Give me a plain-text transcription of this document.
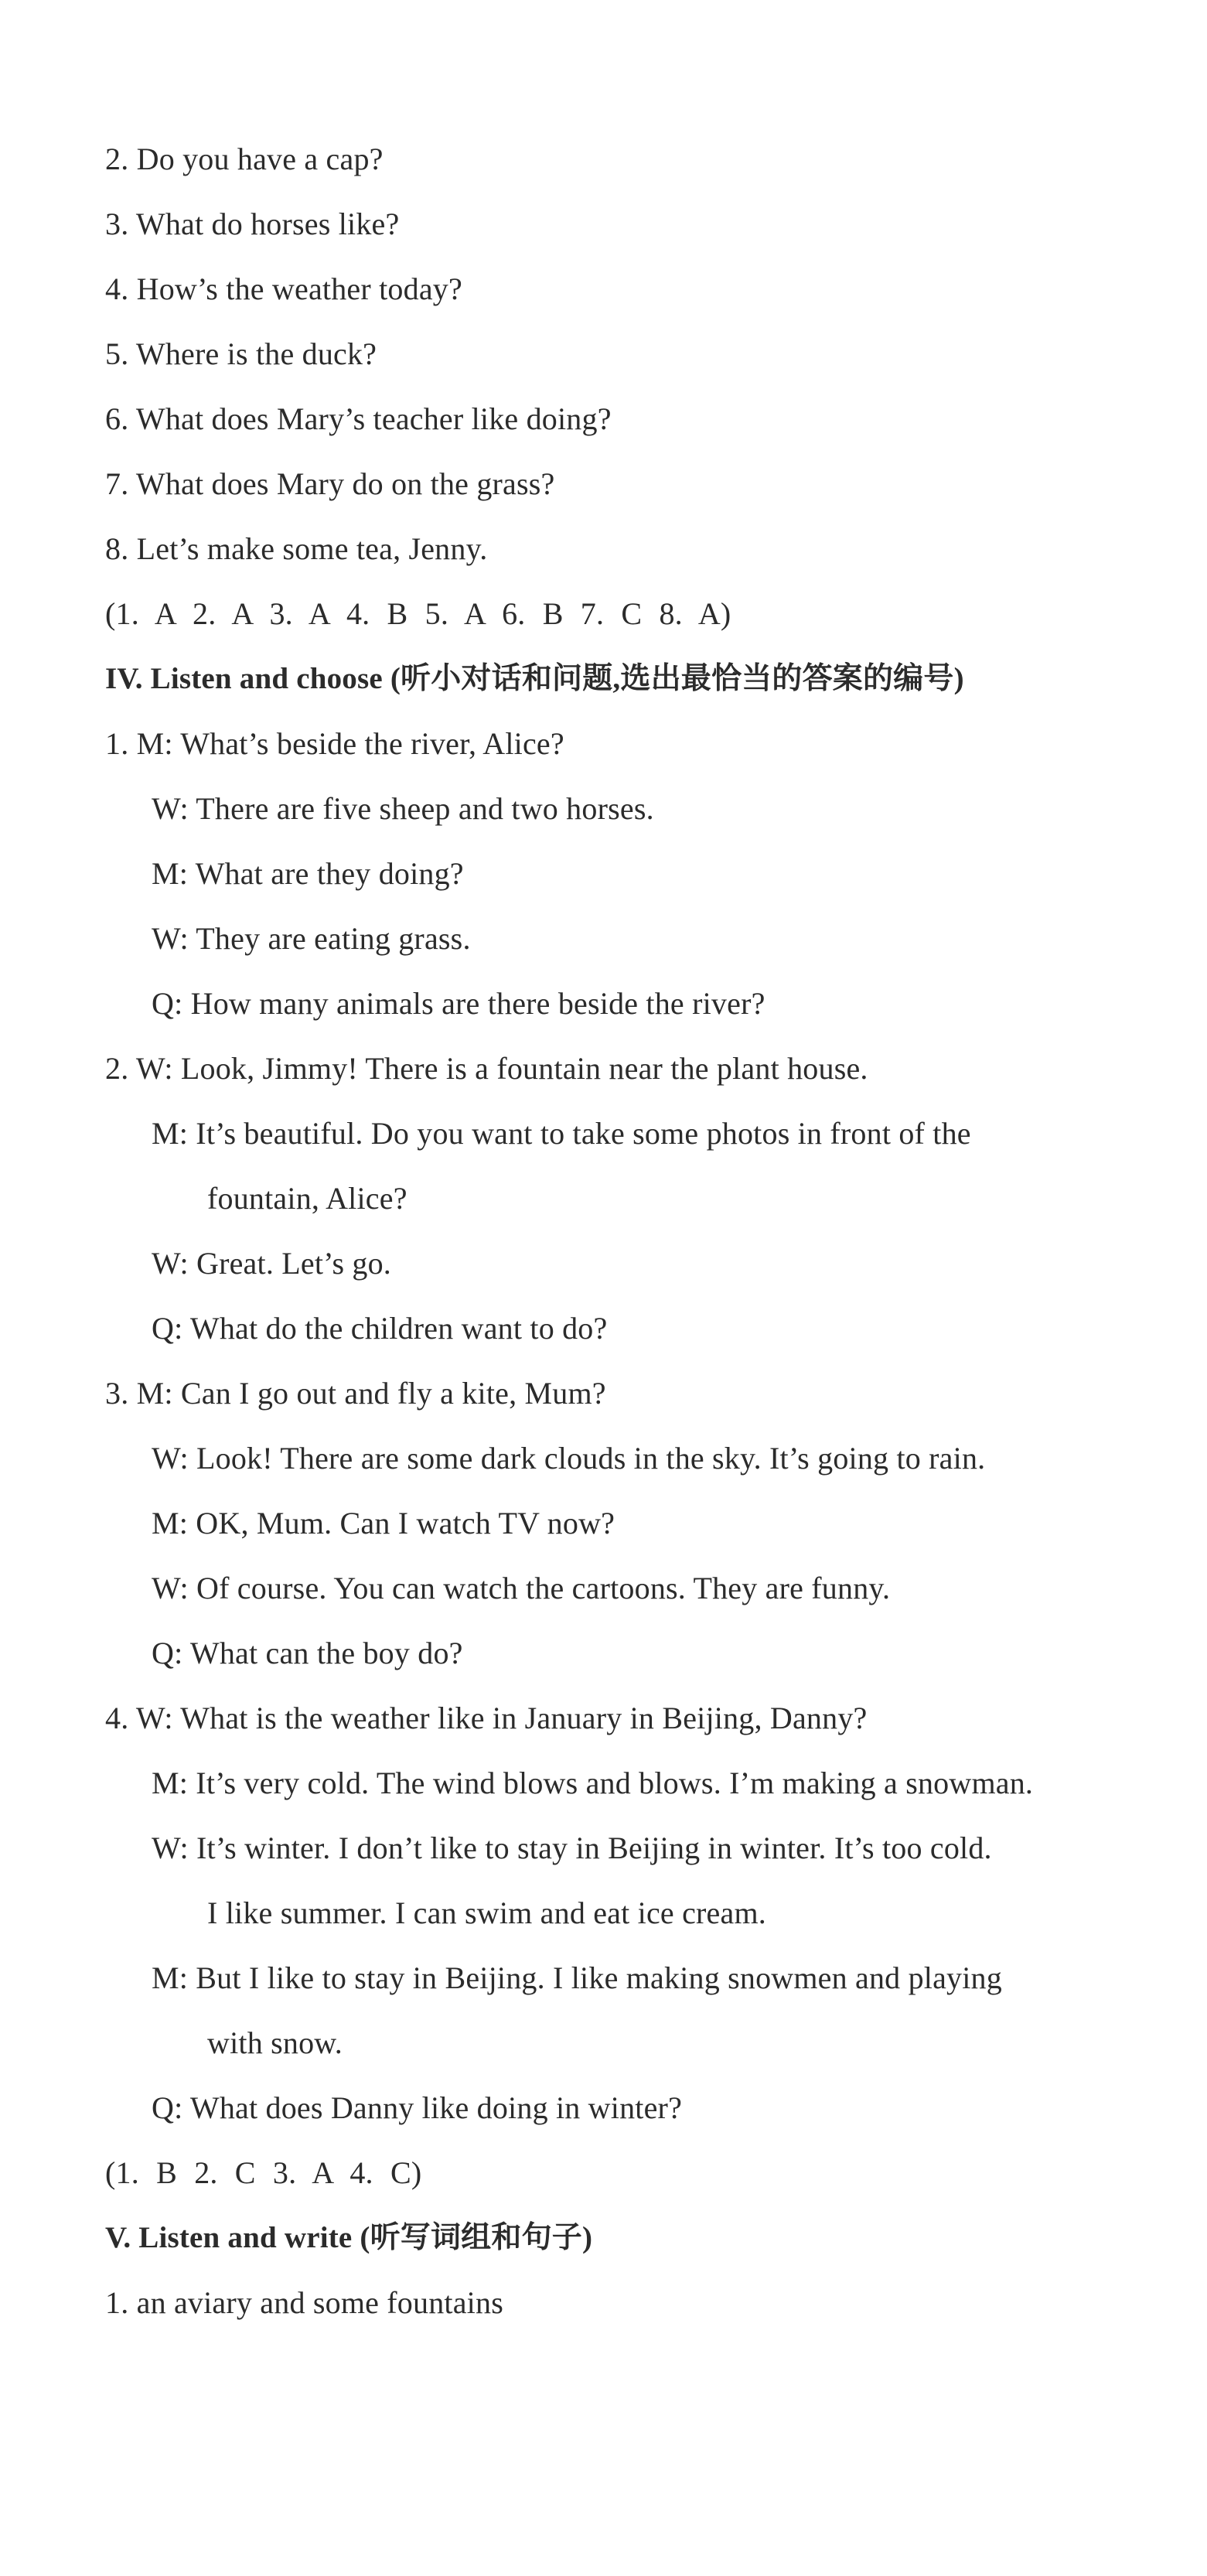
2. Do you have a cap?
3. What do horses like?
4. How’s the weather today?
5. Where is the duck?
6. What does Mary’s teacher like doing?
7. What does Mary do on the grass?
8. Let’s make some tea, Jenny.
(1. A 2. A 3. A 4. B 5. A 6. B 7. C 8. A)
IV. Listen and choose (听小对话和问题,选出最恰当的答案的编号)
1. M: What’s beside the river, Alice?
W: There are five sheep and two horses.
M: What are they doing?
W: They are eating grass.
Q: How many animals are there beside the river?
2. W: Look, Jimmy! There is a fountain near the plant house.
M: It’s beautiful. Do you want to take some photos in front of the
fountain, Alice?
W: Great. Let’s go.
Q: What do the children want to do?
3. M: Can I go out and fly a kite, Mum?
W: Look! There are some dark clouds in the sky. It’s going to rain.
M: OK, Mum. Can I watch TV now?
W: Of course. You can watch the cartoons. They are funny.
Q: What can the boy do?
4. W: What is the weather like in January in Beijing, Danny?
M: It’s very cold. The wind blows and blows. I’m making a snowman.
W: It’s winter. I don’t like to stay in Beijing in winter. It’s too cold.
I like summer. I can swim and eat ice cream.
M: But I like to stay in Beijing. I like making snowmen and playing
with snow.
Q: What does Danny like doing in winter?
(1. B 2. C 3. A 4. C)
V. Listen and write (听写词组和句子)
1. an aviary and some fountains
